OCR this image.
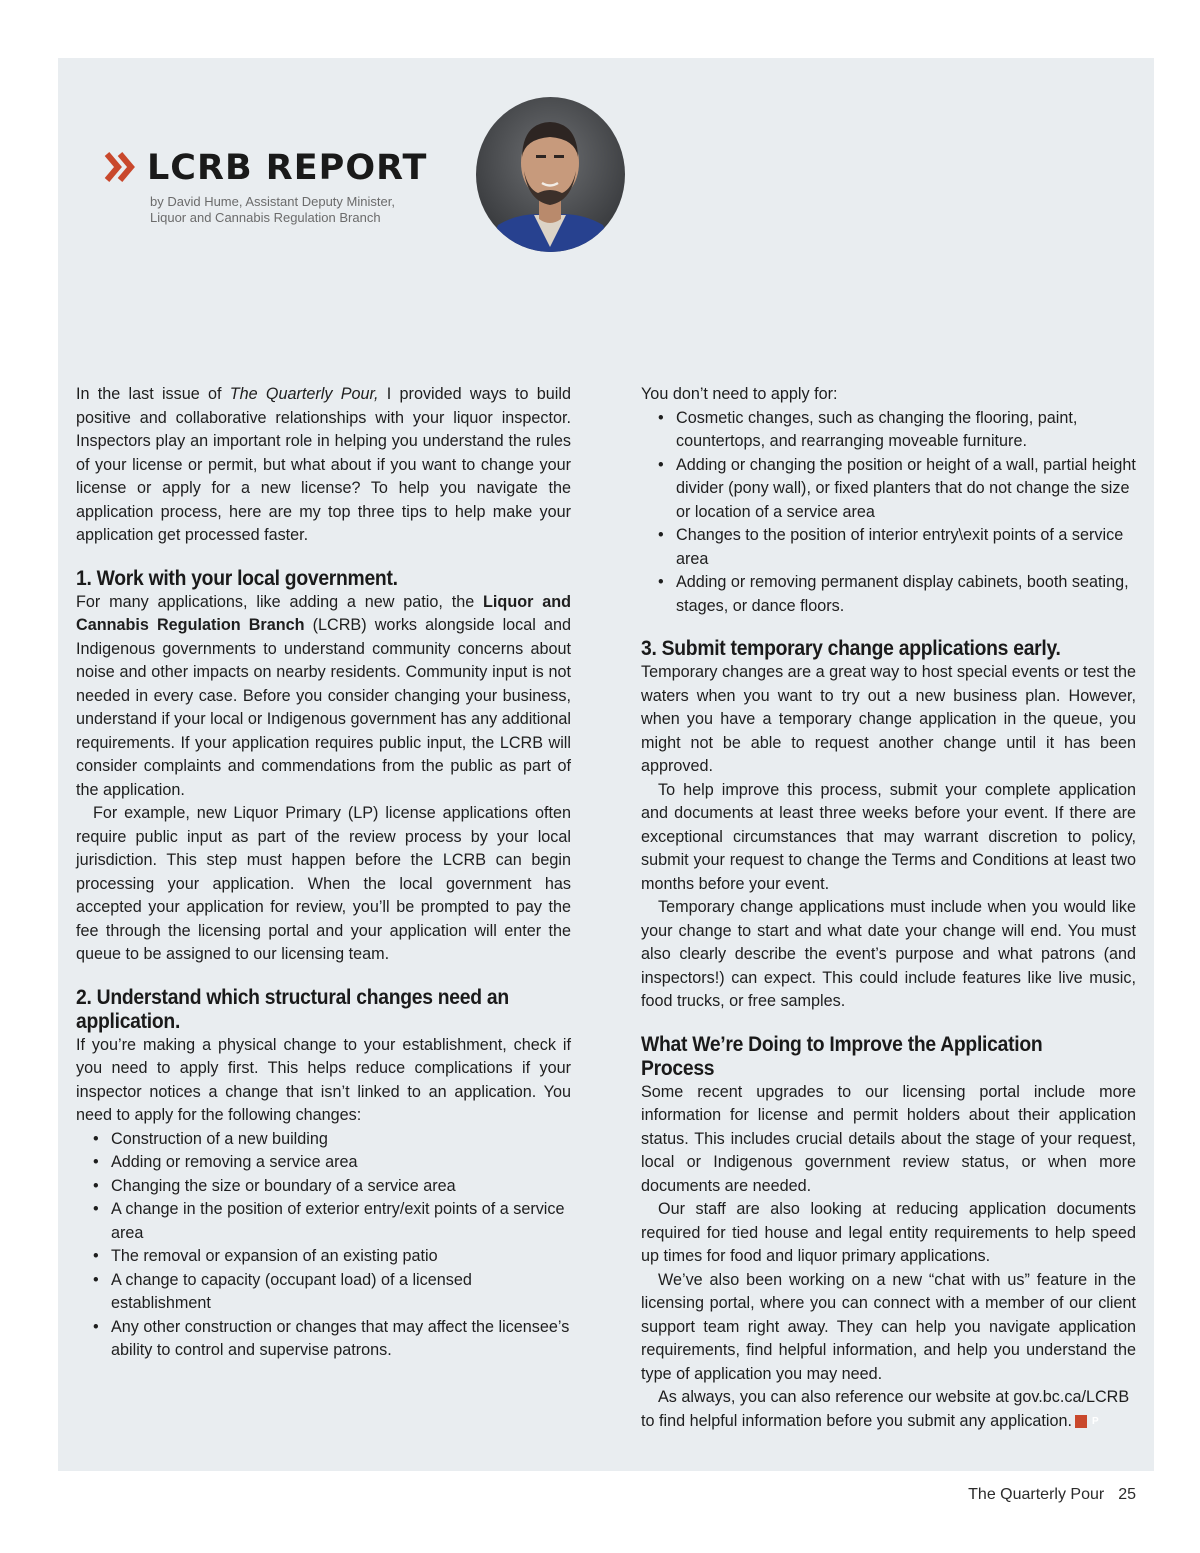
LCRB REPORT
by David Hume, Assistant Deputy Minister,
Liquor and Cannabis Regulation Branch

In the last issue of The Quarterly Pour, I provided ways to build positive and collaborative relationships with your liquor inspector. Inspectors play an important role in helping you understand the rules of your license or permit, but what about if you want to change your license or apply for a new license? To help you navigate the application process, here are my top three tips to help make your application get processed faster.

1. Work with your local government.

For many applications, like adding a new patio, the Liquor and Cannabis Regulation Branch (LCRB) works alongside local and Indigenous governments to understand community concerns about noise and other impacts on nearby residents. Community input is not needed in every case. Before you consider changing your business, understand if your local or Indigenous government has any additional requirements. If your application requires public input, the LCRB will consider complaints and commendations from the public as part of the application.

For example, new Liquor Primary (LP) license applications often require public input as part of the review process by your local jurisdiction. This step must happen before the LCRB can begin processing your application. When the local government has accepted your application for review, you’ll be prompted to pay the fee through the licensing portal and your application will enter the queue to be assigned to our licensing team.

2. Understand which structural changes need an application.

If you’re making a physical change to your establishment, check if you need to apply first. This helps reduce complications if your inspector notices a change that isn’t linked to an application. You need to apply for the following changes:

• Construction of a new building
• Adding or removing a service area
• Changing the size or boundary of a service area
• A change in the position of exterior entry/exit points of a service area
• The removal or expansion of an existing patio
• A change to capacity (occupant load) of a licensed establishment
• Any other construction or changes that may affect the licensee’s ability to control and supervise patrons.

You don’t need to apply for:

• Cosmetic changes, such as changing the flooring, paint, countertops, and rearranging moveable furniture.
• Adding or changing the position or height of a wall, partial height divider (pony wall), or fixed planters that do not change the size or location of a service area
• Changes to the position of interior entry\exit points of a service area
• Adding or removing permanent display cabinets, booth seating, stages, or dance floors.
3. Submit temporary change applications early.

Temporary changes are a great way to host special events or test the waters when you want to try out a new business plan. However, when you have a temporary change application in the queue, you might not be able to request another change until it has been approved.

To help improve this process, submit your complete application and documents at least three weeks before your event. If there are exceptional circumstances that may warrant discretion to policy, submit your request to change the Terms and Conditions at least two months before your event.

Temporary change applications must include when you would like your change to start and what date your change will end. You must also clearly describe the event’s purpose and what patrons (and inspectors!) can expect. This could include features like live music, food trucks, or free samples.

What We’re Doing to Improve the Application Process

Some recent upgrades to our licensing portal include more information for license and permit holders about their application status. This includes crucial details about the stage of your request, local or Indigenous government review status, or when more documents are needed.

Our staff are also looking at reducing application documents required for tied house and legal entity requirements to help speed up times for food and liquor primary applications.

We’ve also been working on a new “chat with us” feature in the licensing portal, where you can connect with a member of our client support team right away. They can help you navigate application requirements, find helpful information, and help you understand the type of application you may need.

As always, you can also reference our website at gov.bc.ca/LCRB to find helpful information before you submit any application. P

The Quarterly Pour 25
